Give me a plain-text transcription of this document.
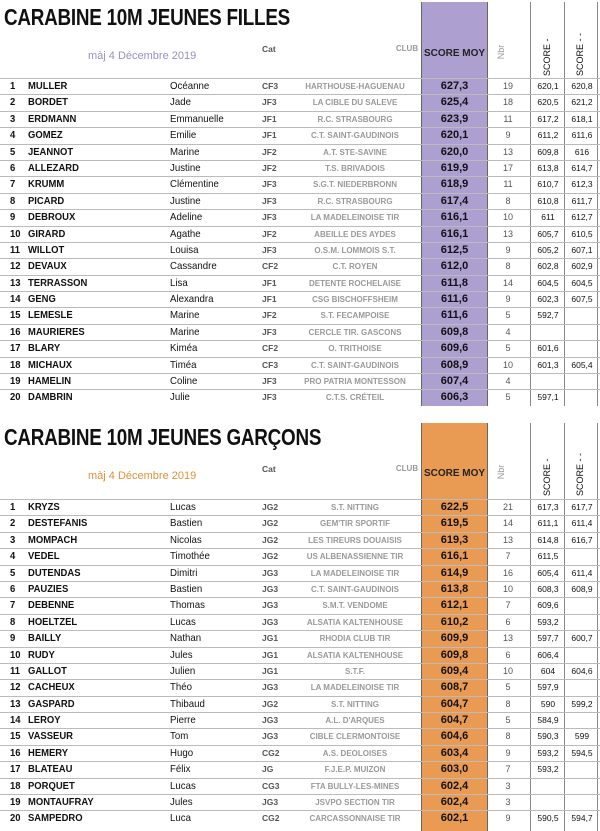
CARABINE 10M JEUNES FILLES
màj 4 Décembre 2019
Cat	CLUB SCORE MOY	Nbr	SCORE -	SCORE - -
1	MULLER	Océanne	CF3	HARTHOUSE-HAGUENAU	627,3	19	620,1	620,8
2	BORDET	Jade	JF3	LA CIBLE DU SALEVE	625,4	18	620,5	621,2
3	ERDMANN	Emmanuelle	JF1	R.C. STRASBOURG	623,9	11	617,2	618,1
4	GOMEZ	Emilie	JF1	C.T. SAINT-GAUDINOIS	620,1	9	611,2	611,6
5	JEANNOT	Marine	JF2	A.T. STE-SAVINE	620,0	13	609,8	616
6	ALLEZARD	Justine	JF2	T.S. BRIVADOIS	619,9	17	613,8	614,7
7	KRUMM	Clémentine	JF3	S.G.T. NIEDERBRONN	618,9	11	610,7	612,3
8	PICARD	Justine	JF3	R.C. STRASBOURG	617,4	8	610,8	611,7
9	DEBROUX	Adeline	JF3	LA MADELEINOISE TIR	616,1	10	611	612,7
10 GIRARD	Agathe	JF2	ABEILLE DES AYDES	616,1	13	605,7	610,5
11 WILLOT	Louisa	JF3	O.S.M. LOMMOIS S.T.	612,5	9	605,2	607,1
12 DEVAUX	Cassandre	CF2	C.T. ROYEN	612,0	8	602,8	602,9
13 TERRASSON	Lisa	JF1	DETENTE ROCHELAISE	611,8	14	604,5	604,5
14 GENG	Alexandra	JF1	CSG BISCHOFFSHEIM	611,6	9	602,3	607,5
15 LEMESLE	Marine	JF2	S.T. FECAMPOISE	611,6	5	592,7
16 MAURIERES	Marine	JF3	CERCLE TIR. GASCONS	609,8	4
17 BLARY	Kiméa	CF2	O. TRITHOISE	609,6	5	601,6
18 MICHAUX	Timéa	CF3	C.T. SAINT-GAUDINOIS	608,9	10	601,3	605,4
19 HAMELIN	Coline	JF3	PRO PATRIA MONTESSON	607,4	4
20 DAMBRIN	Julie	JF3	C.T.S. CRÉTEIL	606,3	5	597,1
CARABINE 10M JEUNES GARÇONS
màj 4 Décembre 2019
Cat	CLUB SCORE MOY	Nbr	SCORE -	SCORE - -
1	KRYZS	Lucas	JG2	S.T. NITTING	622,5	21	617,3	617,7
2	DESTEFANIS	Bastien	JG2	GEM'TIR SPORTIF	619,5	14	611,1	611,4
3	MOMPACH	Nicolas	JG2	LES TIREURS DOUAISIS	619,3	13	614,8	616,7
4	VEDEL	Timothée	JG2	US ALBENASSIENNE TIR	616,1	7	611,5
5	DUTENDAS	Dimitri	JG3	LA MADELEINOISE TIR	614,9	16	605,4	611,4
6	PAUZIES	Bastien	JG3	C.T. SAINT-GAUDINOIS	613,8	10	608,3	608,9
7	DEBENNE	Thomas	JG3	S.M.T. VENDOME	612,1	7	609,6
8	HOELTZEL	Lucas	JG3	ALSATIA KALTENHOUSE	610,2	6	593,2
9	BAILLY	Nathan	JG1	RHODIA CLUB TIR	609,9	13	597,7	600,7
10 RUDY	Jules	JG1	ALSATIA KALTENHOUSE	609,8	6	606,4
11 GALLOT	Julien	JG1	S.T.F.	609,4	10	604	604,6
12 CACHEUX	Théo	JG3	LA MADELEINOISE TIR	608,7	5	597,9
13 GASPARD	Thibaud	JG2	S.T. NITTING	604,7	8	590	599,2
14 LEROY	Pierre	JG3	A.L. D'ARQUES	604,7	5	584,9
15 VASSEUR	Tom	JG3	CIBLE CLERMONTOISE	604,6	8	590,3	599
16 HEMERY	Hugo	CG2	A.S. DEOLOISES	603,4	9	593,2	594,5
17 BLATEAU	Félix	JG	F.J.E.P. MUIZON	603,0	7	593,2
18 PORQUET	Lucas	CG3	FTA BULLY-LES-MINES	602,4	3
19 MONTAUFRAY	Jules	JG3	JSVPO SECTION TIR	602,4	3
20 SAMPEDRO	Luca	CG2	CARCASSONNAISE TIR	602,1	9	590,5	594,7
